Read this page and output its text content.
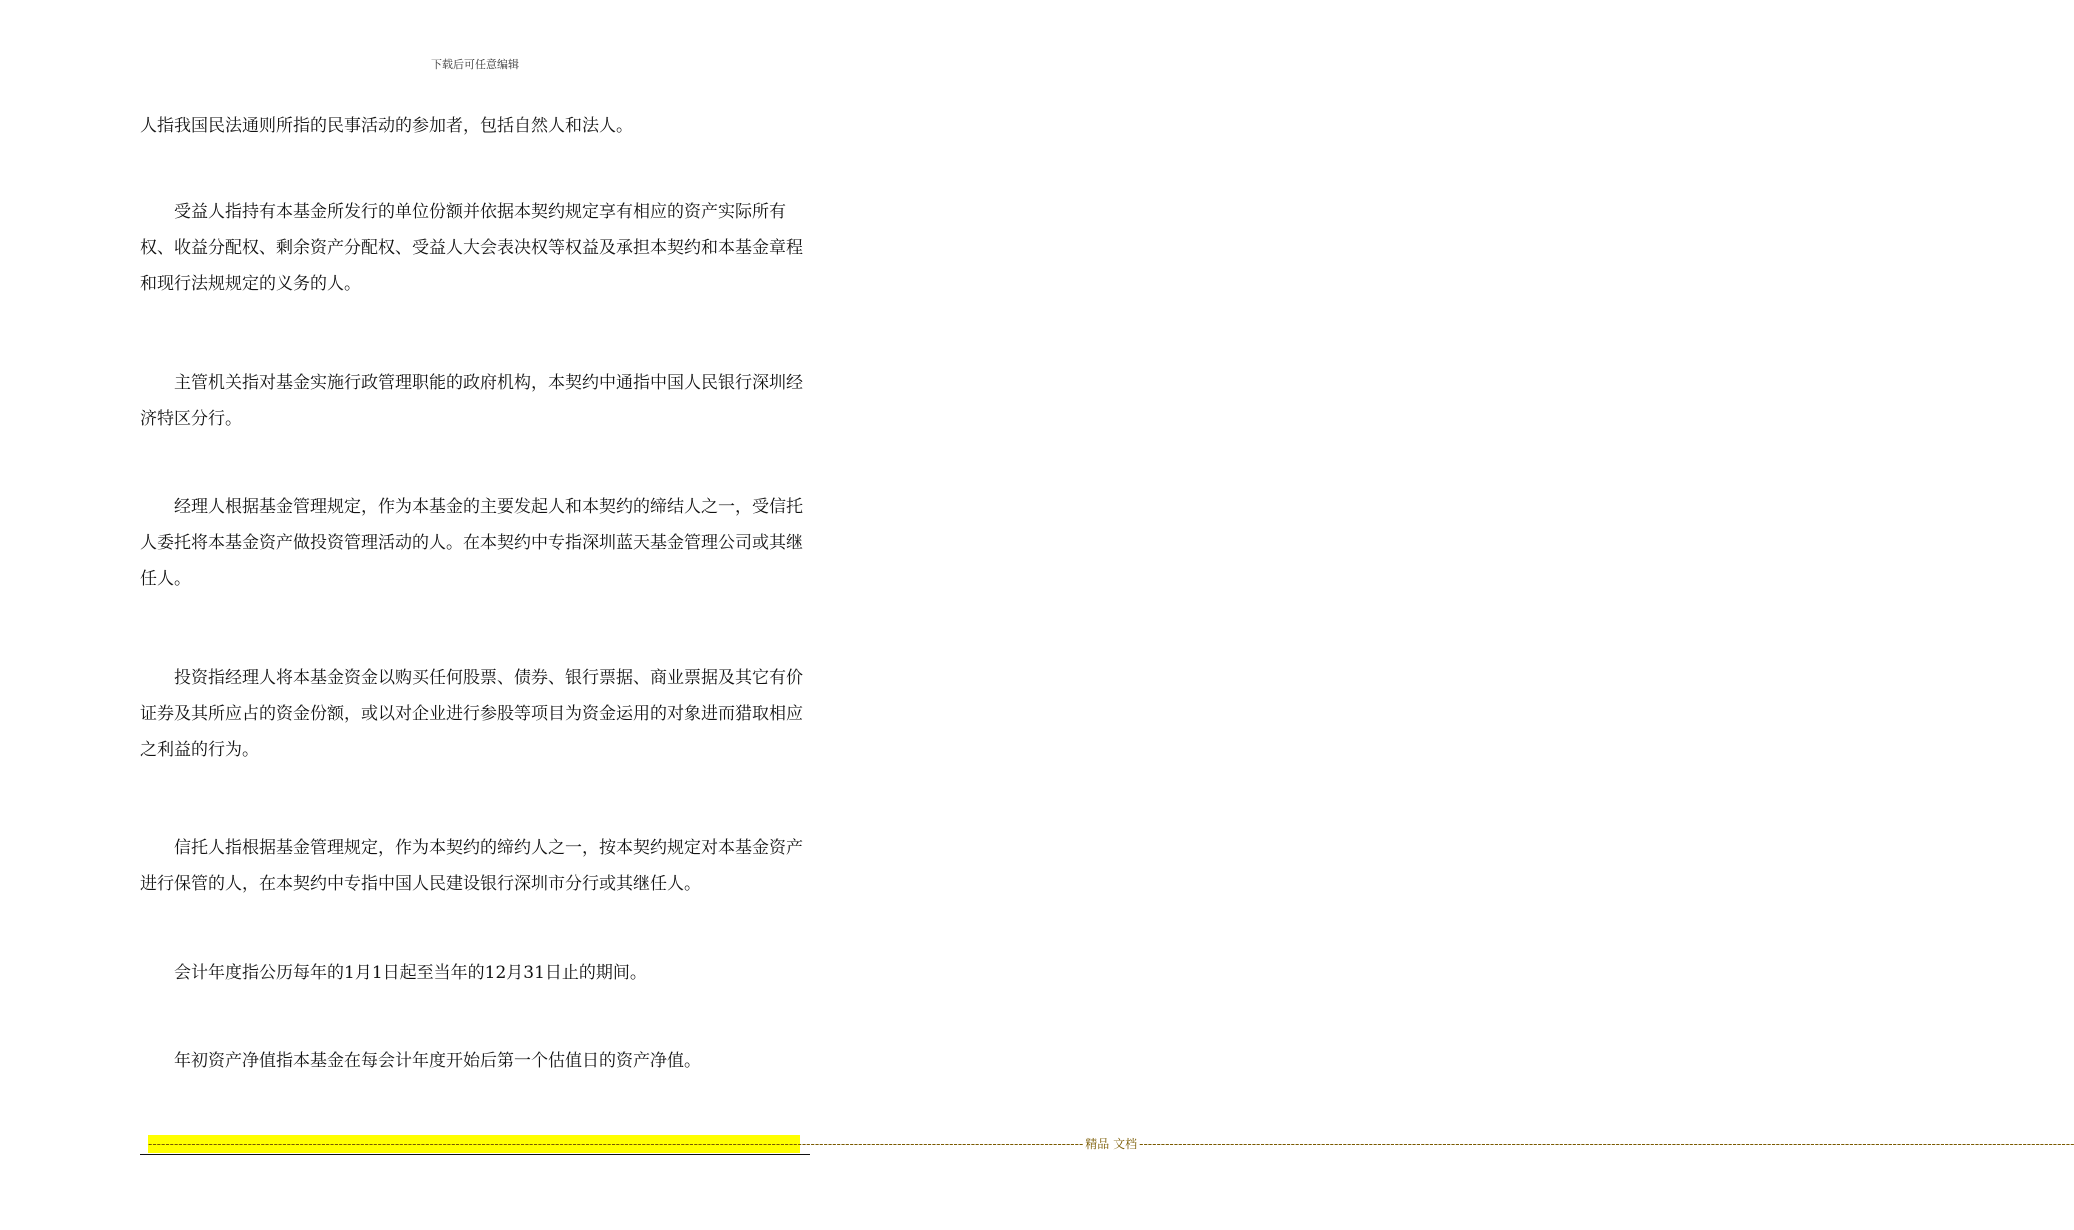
下载后可任意编辑

人指我国民法通则所指的民事活动的参加者，包括自然人和法人。

受益人指持有本基金所发行的单位份额并依据本契约规定享有相应的资产实际所有权、收益分配权、剩余资产分配权、受益人大会表决权等权益及承担本契约和本基金章程和现行法规规定的义务的人。

主管机关指对基金实施行政管理职能的政府机构，本契约中通指中国人民银行深圳经济特区分行。

经理人根据基金管理规定，作为本基金的主要发起人和本契约的缔结人之一，受信托人委托将本基金资产做投资管理活动的人。在本契约中专指深圳蓝天基金管理公司或其继任人。

投资指经理人将本基金资金以购买任何股票、债券、银行票据、商业票据及其它有价证券及其所应占的资金份额，或以对企业进行参股等项目为资金运用的对象进而猎取相应之利益的行为。

信托人指根据基金管理规定，作为本契约的缔约人之一，按本契约规定对本基金资产进行保管的人，在本契约中专指中国人民建设银行深圳市分行或其继任人。

会计年度指公历每年的1月1日起至当年的12月31日止的期间。

年初资产净值指本基金在每会计年度开始后第一个估值日的资产净值。

------------------------------------------------------------------------------------------------------------------------------------------------------------------------------------------------------------------------ 精品 文档 ------------------------------------------------------------------------------------------------------------------------------------------------------------------------------------------------------------------------
